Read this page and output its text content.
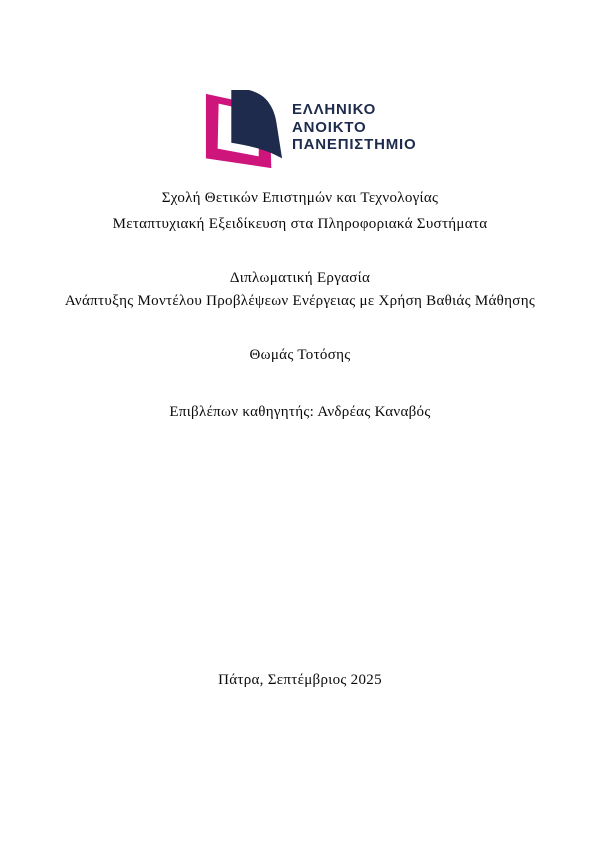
ΕΛΛΗΝΙΚΟ
ΑΝΟΙΚΤΟ
ΠΑΝΕΠΙΣΤΗΜΙΟ
Σχολή Θετικών Επιστημών και Τεχνολογίας
Μεταπτυχιακή Εξειδίκευση στα Πληροφοριακά Συστήματα
Διπλωματική Εργασία
Ανάπτυξης Μοντέλου Προβλέψεων Ενέργειας με Χρήση Βαθιάς Μάθησης
Θωμάς Τοτόσης
Επιβλέπων καθηγητής: Ανδρέας Καναβός
Πάτρα, Σεπτέμβριος 2025
